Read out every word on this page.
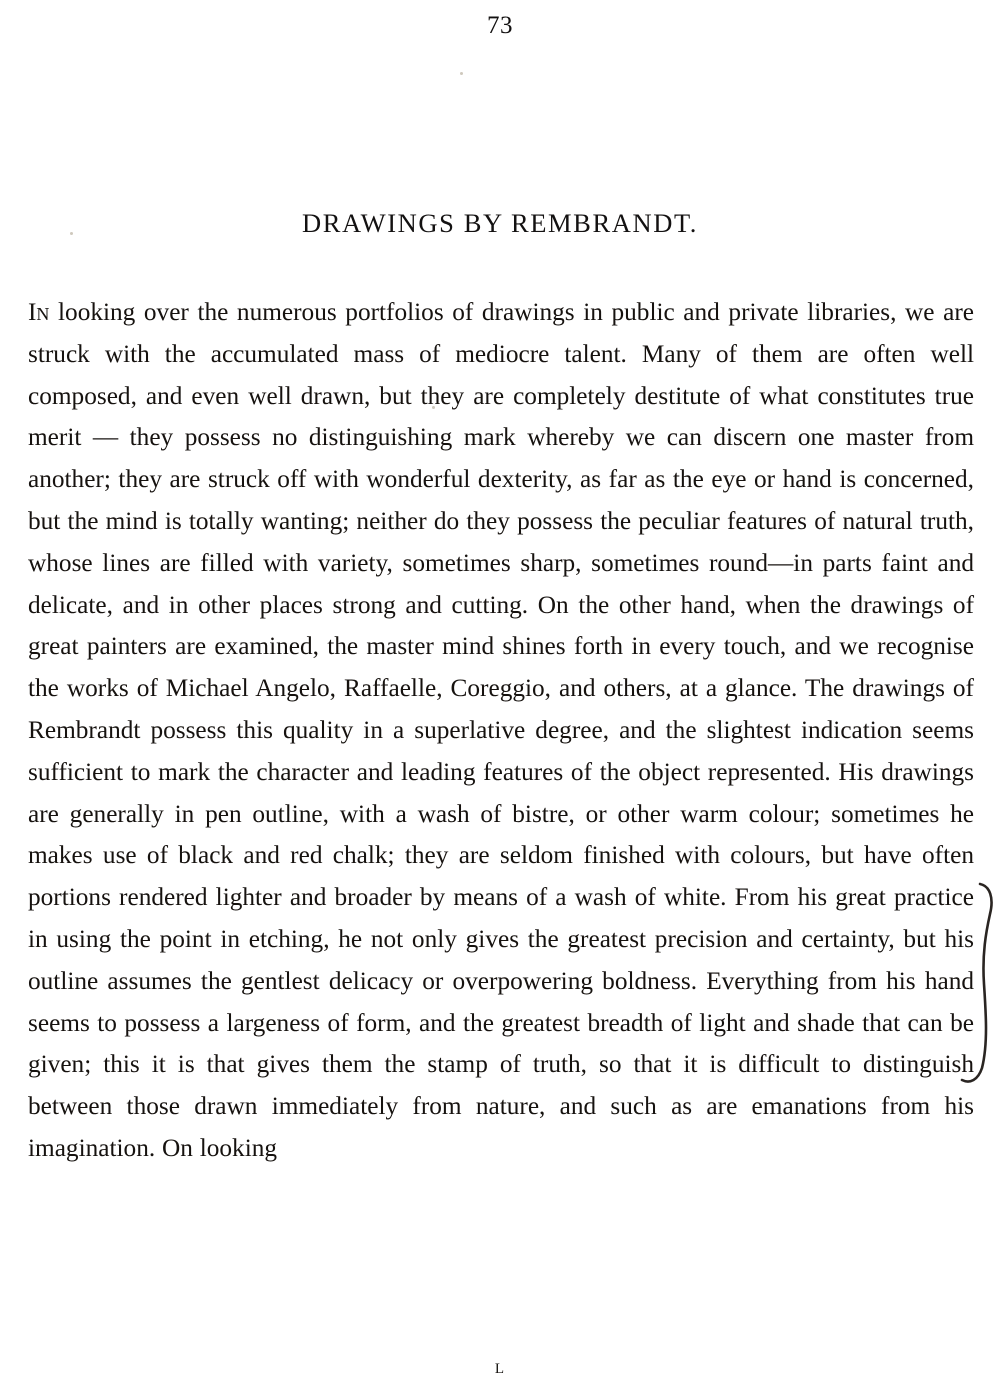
73
DRAWINGS BY REMBRANDT.

In looking over the numerous portfolios of drawings in public and private libraries, we are struck with the accumulated mass of mediocre talent. Many of them are often well composed, and even well drawn, but they are completely destitute of what constitutes true merit — they possess no distinguishing mark whereby we can discern one master from another; they are struck off with wonderful dexterity, as far as the eye or hand is concerned, but the mind is totally wanting; neither do they possess the peculiar features of natural truth, whose lines are filled with variety, sometimes sharp, sometimes round—in parts faint and delicate, and in other places strong and cutting. On the other hand, when the drawings of great painters are examined, the master mind shines forth in every touch, and we recognise the works of Michael Angelo, Raffaelle, Coreggio, and others, at a glance. The drawings of Rembrandt possess this quality in a superlative degree, and the slightest indication seems sufficient to mark the character and leading features of the object represented. His drawings are generally in pen outline, with a wash of bistre, or other warm colour; sometimes he makes use of black and red chalk; they are seldom finished with colours, but have often portions rendered lighter and broader by means of a wash of white. From his great practice in using the point in etching, he not only gives the greatest precision and certainty, but his outline assumes the gentlest delicacy or overpowering boldness. Everything from his hand seems to possess a largeness of form, and the greatest breadth of light and shade that can be given; this it is that gives them the stamp of truth, so that it is difficult to distinguish between those drawn immediately from nature, and such as are emanations from his imagination. On looking

L
